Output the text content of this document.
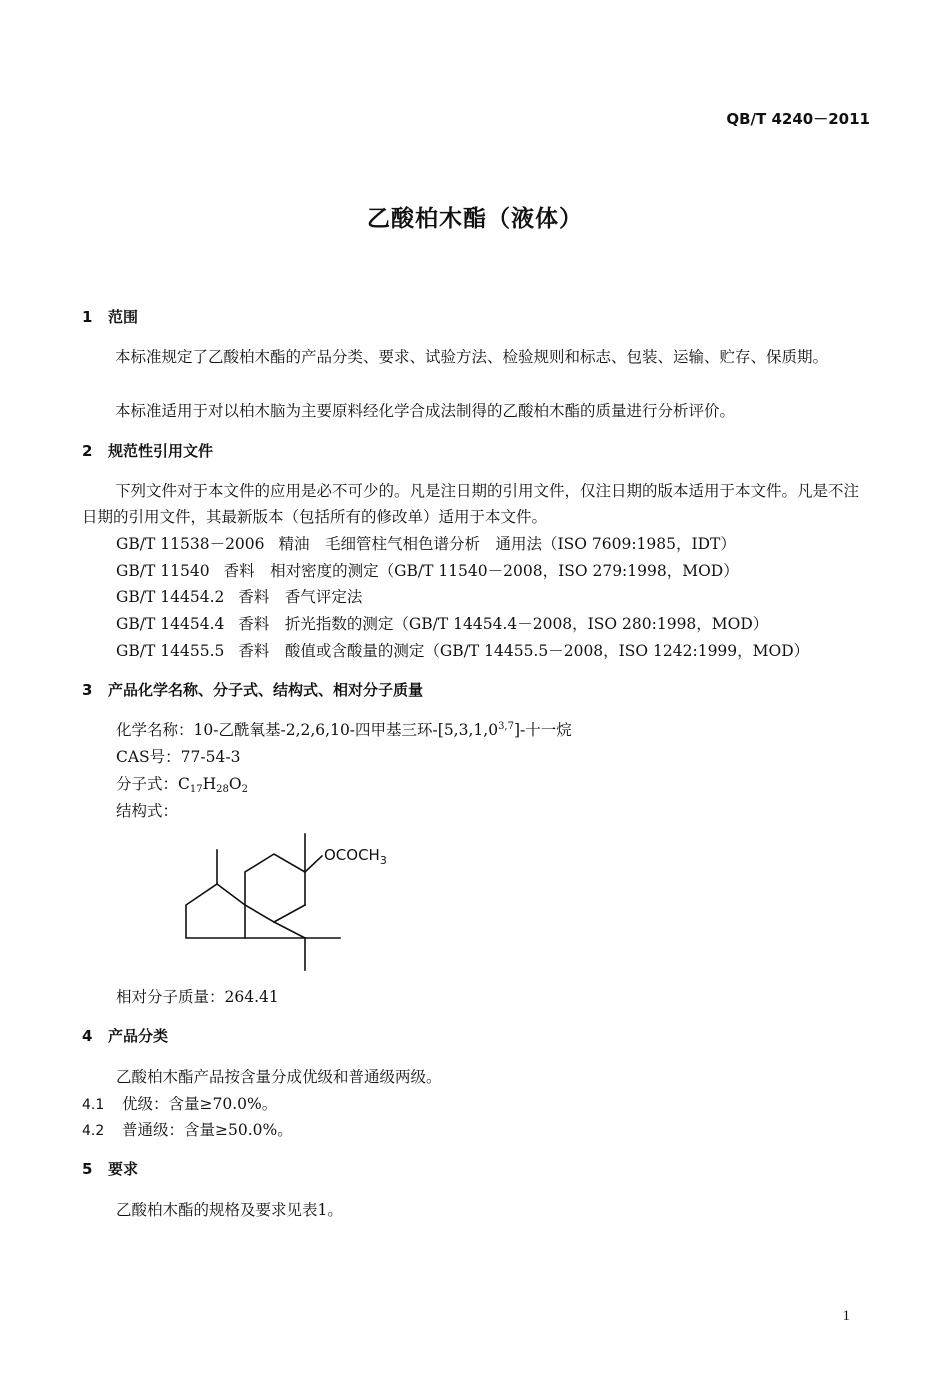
QB/T 4240－2011
乙酸柏木酯（液体）
1 范围
本标准规定了乙酸柏木酯的产品分类、要求、试验方法、检验规则和标志、包装、运输、贮存、保质期。
本标准适用于对以柏木脑为主要原料经化学合成法制得的乙酸柏木酯的质量进行分析评价。
2 规范性引用文件
下列文件对于本文件的应用是必不可少的。凡是注日期的引用文件，仅注日期的版本适用于本文件。凡是不注日期的引用文件，其最新版本（包括所有的修改单）适用于本文件。
GB/T 11538－2006 精油　毛细管柱气相色谱分析　通用法（ISO 7609:1985，IDT）
GB/T 11540 香料　相对密度的测定（GB/T 11540－2008，ISO 279:1998，MOD）
GB/T 14454.2 香料　香气评定法
GB/T 14454.4 香料　折光指数的测定（GB/T 14454.4－2008，ISO 280:1998，MOD）
GB/T 14455.5 香料　酸值或含酸量的测定（GB/T 14455.5－2008，ISO 1242:1999，MOD）
3 产品化学名称、分子式、结构式、相对分子质量
化学名称：10-乙酰氧基-2,2,6,10-四甲基三环-[5,3,1,0$^{3,7}$]-十一烷
CAS号：77-54-3
分子式：$C_{17}H_{28}O_2$
结构式：
$OCOCH_3$
相对分子质量：264.41
4 产品分类
乙酸柏木酯产品按含量分成优级和普通级两级。
4.1 优级：含量≥70.0%。
4.2 普通级：含量≥50.0%。
5 要求
乙酸柏木酯的规格及要求见表1。
1
